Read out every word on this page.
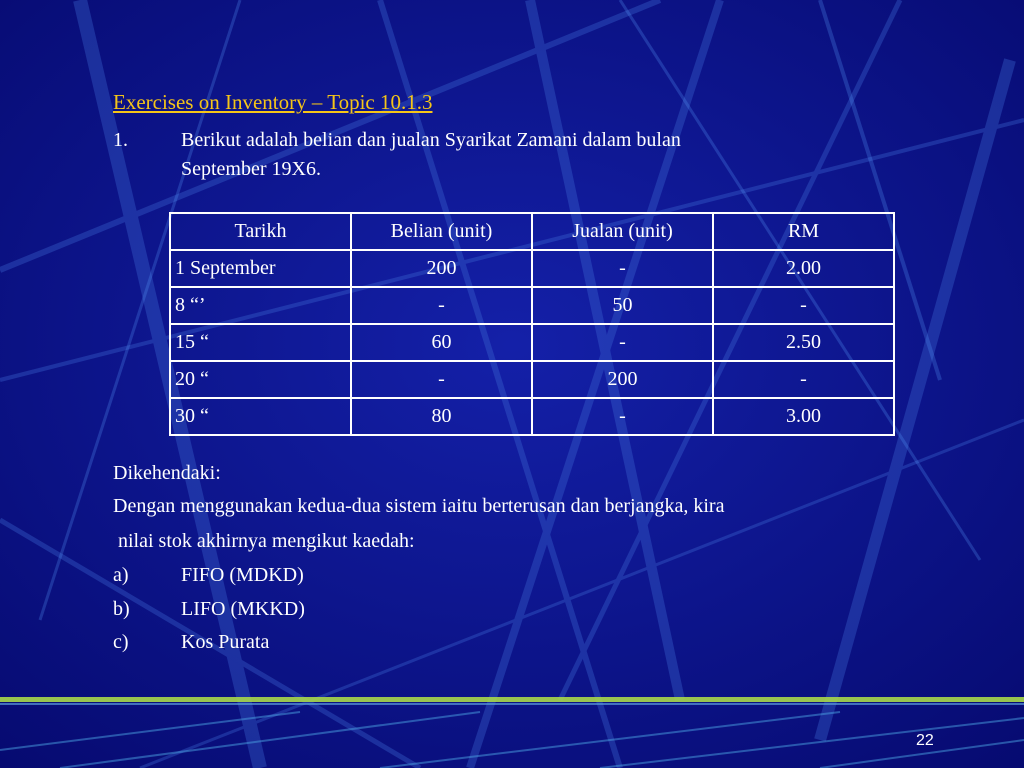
Exercises on Inventory – Topic 10.1.3
1.	Berikut adalah belian dan jualan Syarikat Zamani dalam bulan
September 19X6.
Tarikh	Belian (unit)	Jualan (unit)	RM
1 September	200	-	2.00
8 “’	-	50	-
15 “	60	-	2.50
20 “	-	200	-
30 “	80	-	3.00
Dikehendaki:
Dengan menggunakan kedua-dua sistem iaitu berterusan dan berjangka, kira
nilai stok akhirnya mengikut kaedah:
a)	FIFO (MDKD)
b)	LIFO (MKKD)
c)	Kos Purata
22
